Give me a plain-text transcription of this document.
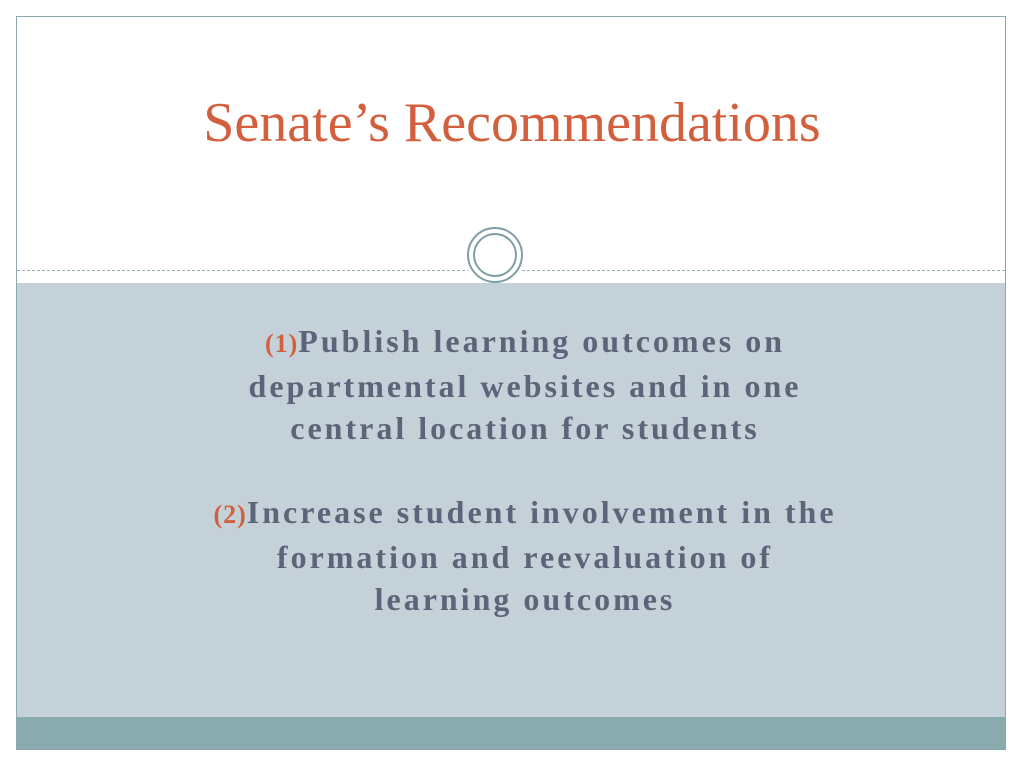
Senate’s Recommendations
(1)Publish learning outcomes on
departmental websites and in one
central location for students
(2)Increase student involvement in the
formation and reevaluation of
learning outcomes
